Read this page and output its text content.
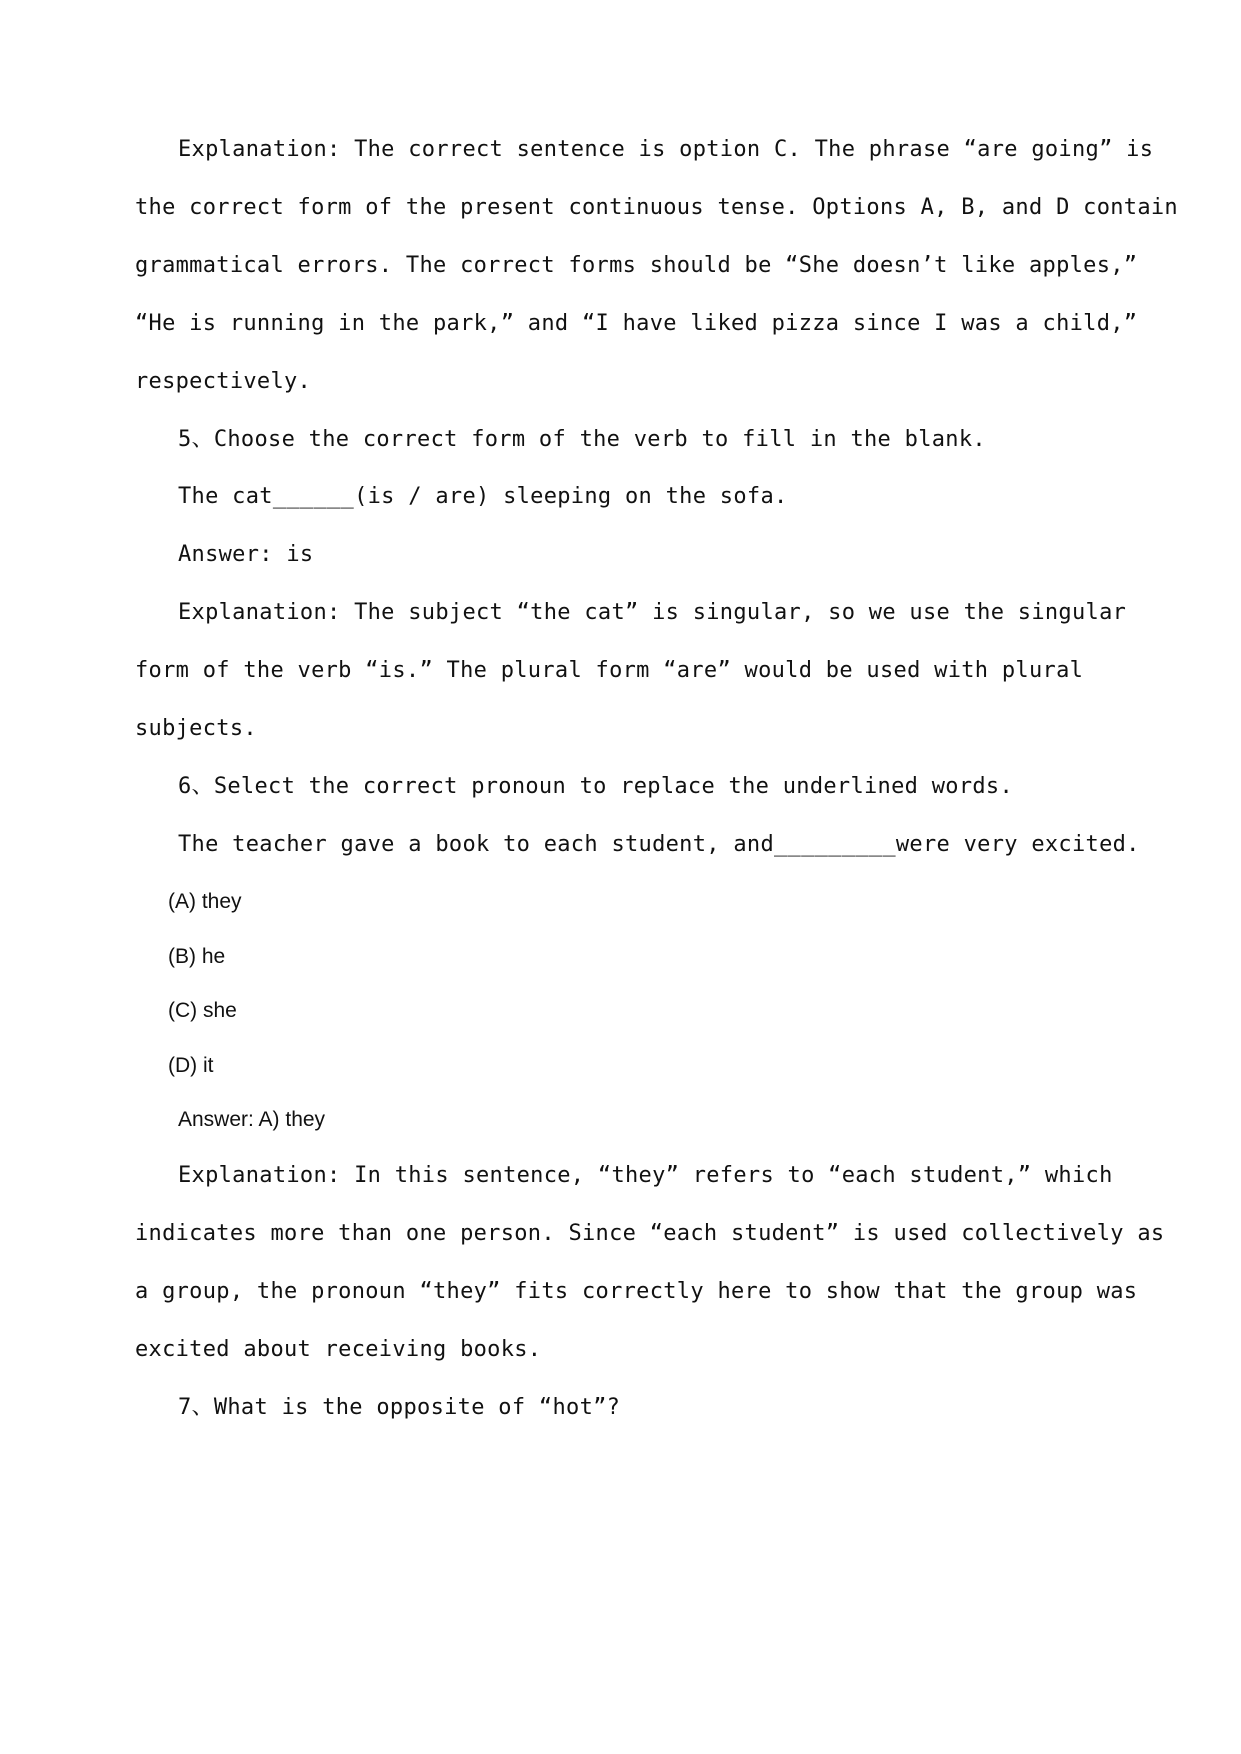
Explanation: The correct sentence is option C. The phrase “are going” is
the correct form of the present continuous tense. Options A, B, and D contain
grammatical errors. The correct forms should be “She doesn’t like apples,”
“He is running in the park,” and “I have liked pizza since I was a child,”
respectively.
5、Choose the correct form of the verb to fill in the blank.
The cat______(is / are) sleeping on the sofa.
Answer: is
Explanation: The subject “the cat” is singular, so we use the singular
form of the verb “is.” The plural form “are” would be used with plural
subjects.
6、Select the correct pronoun to replace the underlined words.
The teacher gave a book to each student, and_________were very excited.
(A) they
(B) he
(C) she
(D) it
Answer: A) they
Explanation: In this sentence, “they” refers to “each student,” which
indicates more than one person. Since “each student” is used collectively as
a group, the pronoun “they” fits correctly here to show that the group was
excited about receiving books.
7、What is the opposite of “hot”?
